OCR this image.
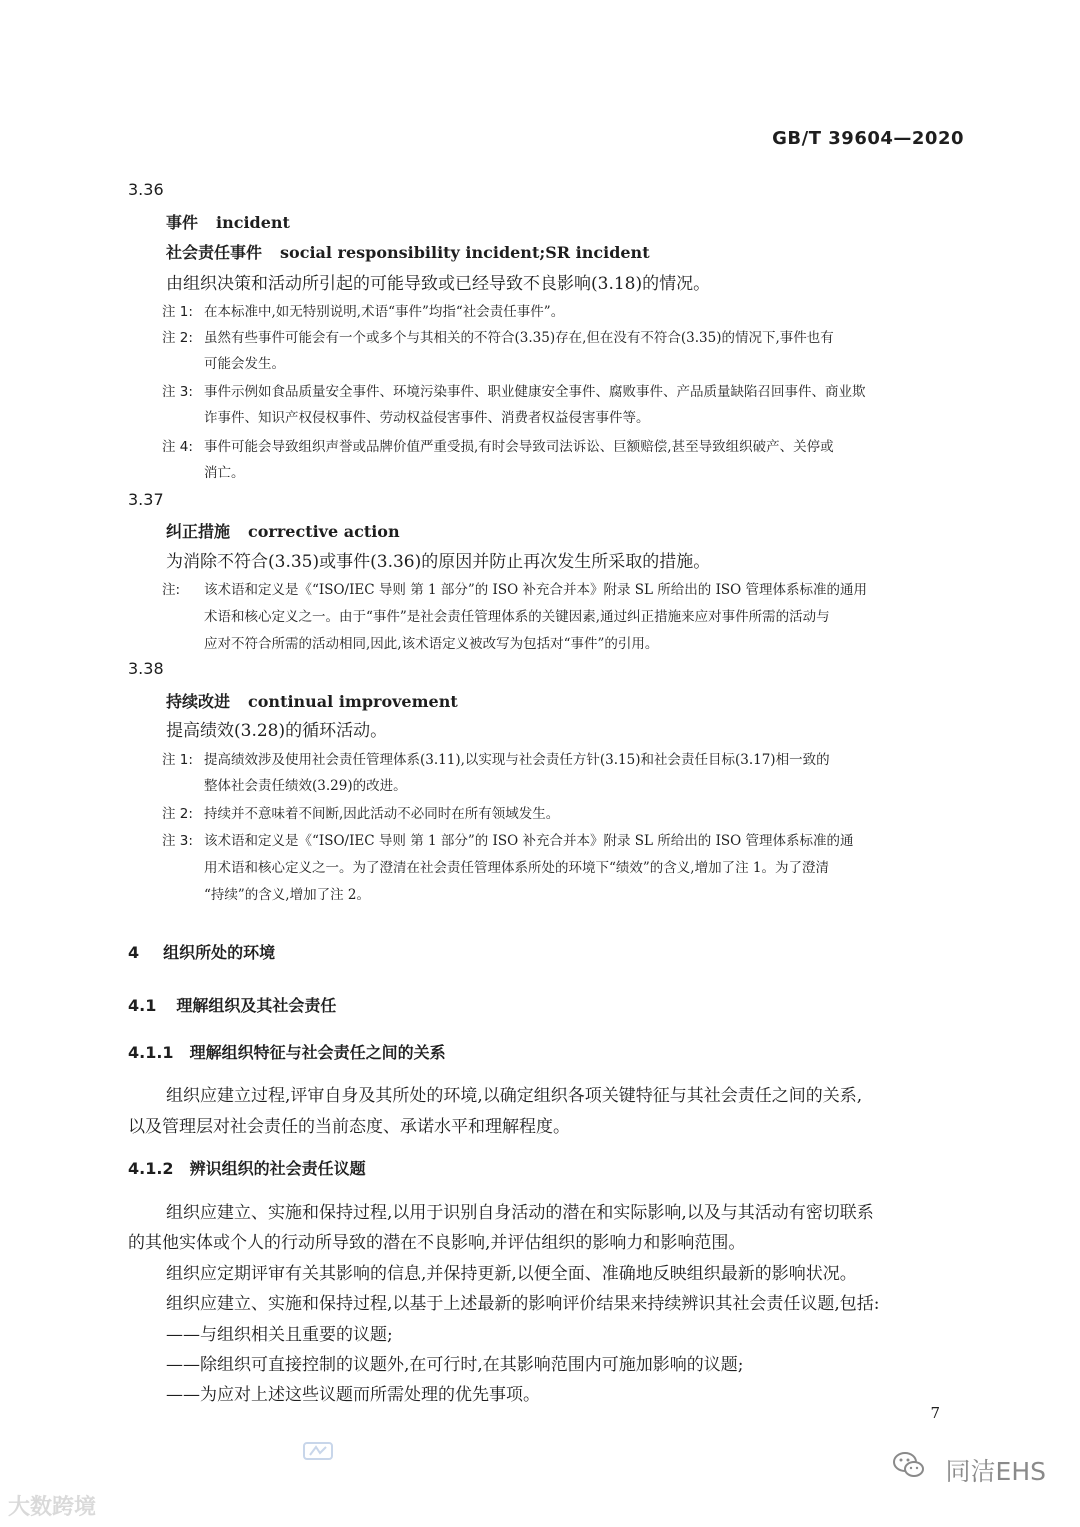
GB/T 39604—2020
3.36
事件 incident
社会责任事件 social responsibility incident;SR incident
由组织决策和活动所引起的可能导致或已经导致不良影响(3.18)的情况。
注 1: 在本标准中,如无特别说明,术语“事件”均指“社会责任事件”。
注 2: 虽然有些事件可能会有一个或多个与其相关的不符合(3.35)存在,但在没有不符合(3.35)的情况下,事件也有
可能会发生。
注 3: 事件示例如食品质量安全事件、环境污染事件、职业健康安全事件、腐败事件、产品质量缺陷召回事件、商业欺
诈事件、知识产权侵权事件、劳动权益侵害事件、消费者权益侵害事件等。
注 4: 事件可能会导致组织声誉或品牌价值严重受损,有时会导致司法诉讼、巨额赔偿,甚至导致组织破产、关停或
消亡。
3.37
纠正措施 corrective action
为消除不符合(3.35)或事件(3.36)的原因并防止再次发生所采取的措施。
注: 该术语和定义是《“ISO/IEC 导则 第 1 部分”的 ISO 补充合并本》附录 SL 所给出的 ISO 管理体系标准的通用
术语和核心定义之一。由于“事件”是社会责任管理体系的关键因素,通过纠正措施来应对事件所需的活动与
应对不符合所需的活动相同,因此,该术语定义被改写为包括对“事件”的引用。
3.38
持续改进 continual improvement
提高绩效(3.28)的循环活动。
注 1: 提高绩效涉及使用社会责任管理体系(3.11),以实现与社会责任方针(3.15)和社会责任目标(3.17)相一致的
整体社会责任绩效(3.29)的改进。
注 2: 持续并不意味着不间断,因此活动不必同时在所有领域发生。
注 3: 该术语和定义是《“ISO/IEC 导则 第 1 部分”的 ISO 补充合并本》附录 SL 所给出的 ISO 管理体系标准的通
用术语和核心定义之一。为了澄清在社会责任管理体系所处的环境下“绩效”的含义,增加了注 1。为了澄清
“持续”的含义,增加了注 2。
4 组织所处的环境
4.1 理解组织及其社会责任
4.1.1 理解组织特征与社会责任之间的关系
组织应建立过程,评审自身及其所处的环境,以确定组织各项关键特征与其社会责任之间的关系,
以及管理层对社会责任的当前态度、承诺水平和理解程度。
4.1.2 辨识组织的社会责任议题
组织应建立、实施和保持过程,以用于识别自身活动的潜在和实际影响,以及与其活动有密切联系
的其他实体或个人的行动所导致的潜在不良影响,并评估组织的影响力和影响范围。
组织应定期评审有关其影响的信息,并保持更新,以便全面、准确地反映组织最新的影响状况。
组织应建立、实施和保持过程,以基于上述最新的影响评价结果来持续辨识其社会责任议题,包括:
——与组织相关且重要的议题;
——除组织可直接控制的议题外,在可行时,在其影响范围内可施加影响的议题;
——为应对上述这些议题而所需处理的优先事项。
7
大数跨境
同洁EHS
